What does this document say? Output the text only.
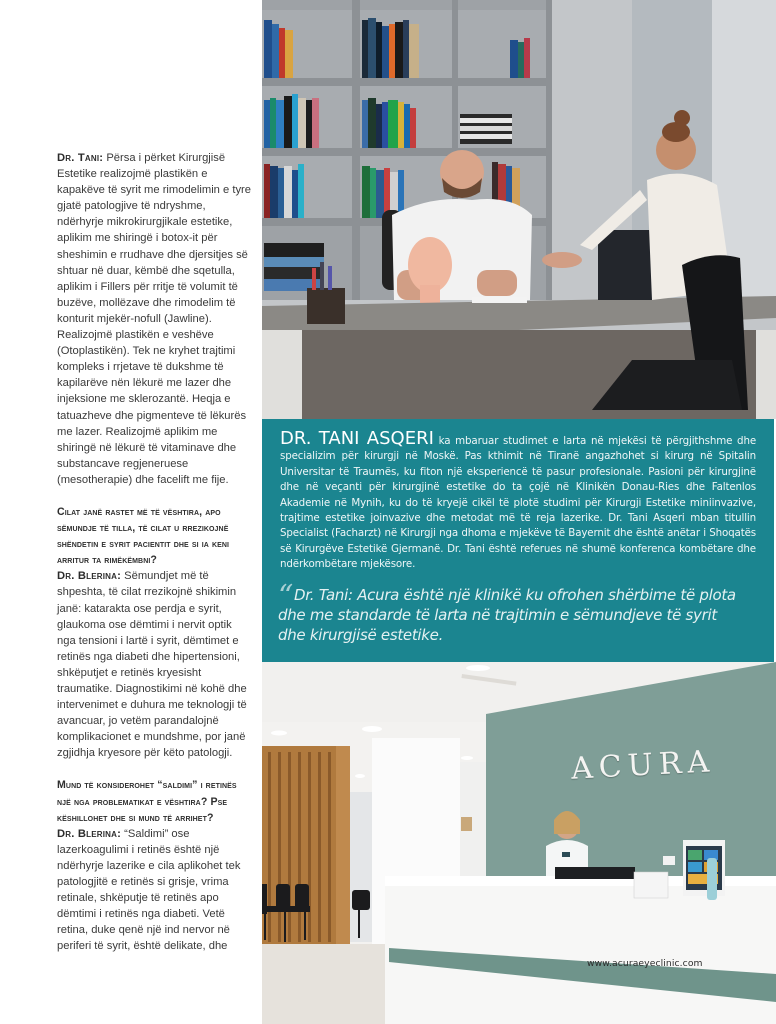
Dr. Tani: Përsa i përket Kirurgjisë Estetike realizojmë plastikën e kapakëve të syrit me rimodelimin e tyre gjatë patologjive të ndryshme, ndërhyrje mikrokirurgjikale estetike, aplikim me shiringë i botox-it për sheshimin e rrudhave dhe djersitjes së shtuar në duar, këmbë dhe sqetulla, aplikim i Fillers për rritje të volumit të buzëve, mollëzave dhe rimodelim të konturit mjekër-nofull (Jawline). Realizojmë plastikën e veshëve (Otoplastikën). Tek ne kryhet trajtimi kompleks i rrjetave të dukshme të kapilarëve nën lëkurë me lazer dhe injeksione me sklerozantë. Heqja e tatuazheve dhe pigmenteve të lëkurës me lazer. Realizojmë aplikim me shiringë në lëkurë të vitaminave dhe substancave regjeneruese (mesotherapie) dhe facelift me fije.

Cilat janë rastet më të vështira, apo sëmundje të tilla, të cilat u rrezikojnë shëndetin e syrit pacientit dhe si ia keni arritur ta rimëkëmbni?

Dr. Blerina: Sëmundjet më të shpeshta, të cilat rrezikojnë shikimin janë: katarakta ose perdja e syrit, glaukoma ose dëmtimi i nervit optik nga tensioni i lartë i syrit, dëmtimet e retinës nga diabeti dhe hipertensioni, shkëputjet e retinës kryesisht traumatike. Diagnostikimi në kohë dhe intervenimet e duhura me teknologji të avancuar, jo vetëm parandalojnë komplikacionet e mundshme, por janë zgjidhja kryesore për këto patologji.

Mund të konsiderohet “saldimi” i retinës një nga problematikat e vështira? Pse këshillohet dhe si mund të arrihet?

Dr. Blerina: “Saldimi” ose lazerkoagulimi i retinës është një ndërhyrje lazerike e cila aplikohet tek patologjitë e retinës si grisje, vrima retinale, shkëputje të retinës apo dëmtimi i retinës nga diabeti. Vetë retina, duke qenë një ind nervor në periferi të syrit, është delikate, dhe

DR. TANI ASQERI ka mbaruar studimet e larta në mjekësi të përgjithshme dhe specializim për kirurgji në Moskë. Pas kthimit në Tiranë angazhohet si kirurg në Spitalin Universitar të Traumës, ku fiton një eksperiencë të pasur profesionale. Pasioni për kirurgjinë dhe në veçanti për kirurgjinë estetike do ta çojë në Klinikën Donau-Ries dhe Faltenlos Akademie në Mynih, ku do të kryejë cikël të plotë studimi për Kirurgji Estetike miniinvazive, trajtime estetike joinvazive dhe metodat më të reja lazerike. Dr. Tani Asqeri mban titullin Specialist (Facharzt) në Kirurgji nga dhoma e mjekëve të Bayernit dhe është anëtar i Shoqatës së Kirurgëve Estetikë Gjermanë. Dr. Tani është referues në shumë konferenca kombëtare dhe ndërkombëtare mjekësore.
“Dr. Tani: Acura është një klinikë ku ofrohen shërbime të plota dhe me standarde të larta në trajtimin e sëmundjeve të syrit dhe kirurgjisë estetike.
ACURA
www.acuraeyeclinic.com
